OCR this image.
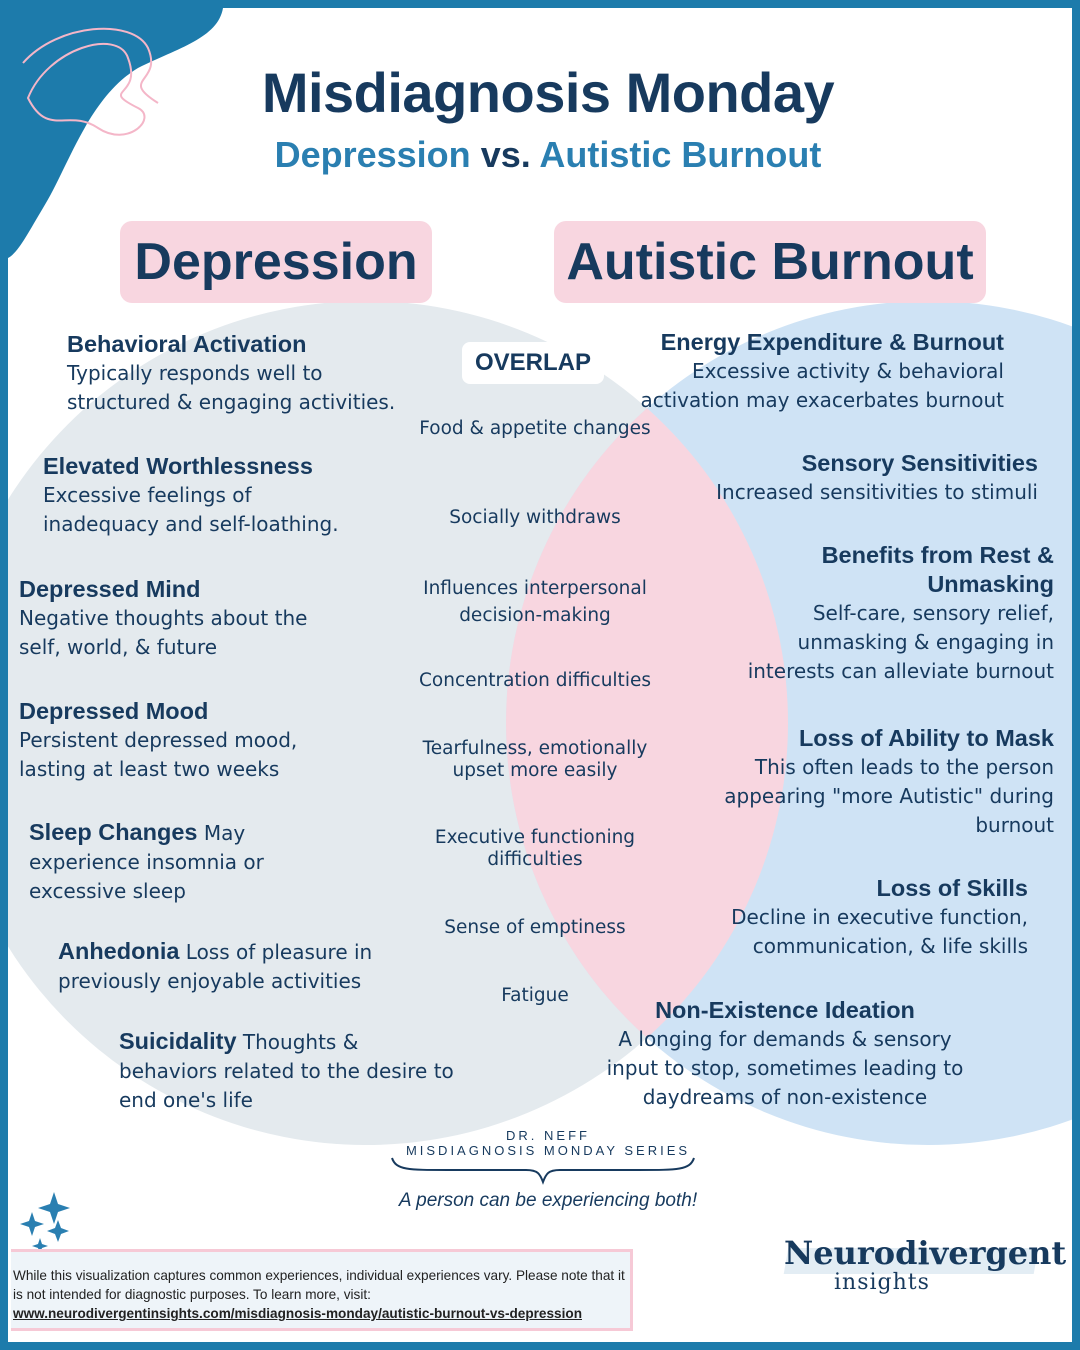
Misdiagnosis Monday
Depression vs. Autistic Burnout
Depression	Autistic Burnout
OVERLAP
Behavioral Activation
Typically responds well to structured & engaging activities.
Elevated Worthlessness
Excessive feelings of inadequacy and self-loathing.
Depressed Mind
Negative thoughts about the self, world, & future
Depressed Mood
Persistent depressed mood, lasting at least two weeks
Sleep Changes May experience insomnia or excessive sleep
Anhedonia Loss of pleasure in previously enjoyable activities
Suicidality Thoughts & behaviors related to the desire to end one's life
Food & appetite changes
Socially withdraws
Influences interpersonal decision-making
Concentration difficulties
Tearfulness, emotionally upset more easily
Executive functioning difficulties
Sense of emptiness
Fatigue
Energy Expenditure & Burnout
Excessive activity & behavioral activation may exacerbates burnout
Sensory Sensitivities
Increased sensitivities to stimuli
Benefits from Rest & Unmasking
Self-care, sensory relief, unmasking & engaging in interests can alleviate burnout
Loss of Ability to Mask
This often leads to the person appearing "more Autistic" during burnout
Loss of Skills
Decline in executive function, communication, & life skills
Non-Existence Ideation
A longing for demands & sensory input to stop, sometimes leading to daydreams of non-existence
DR. NEFF
MISDIAGNOSIS MONDAY SERIES
A person can be experiencing both!
While this visualization captures common experiences, individual experiences vary. Please note that it is not intended for diagnostic purposes. To learn more, visit:
www.neurodivergentinsights.com/misdiagnosis-monday/autistic-burnout-vs-depression
Neurodivergent
insights
